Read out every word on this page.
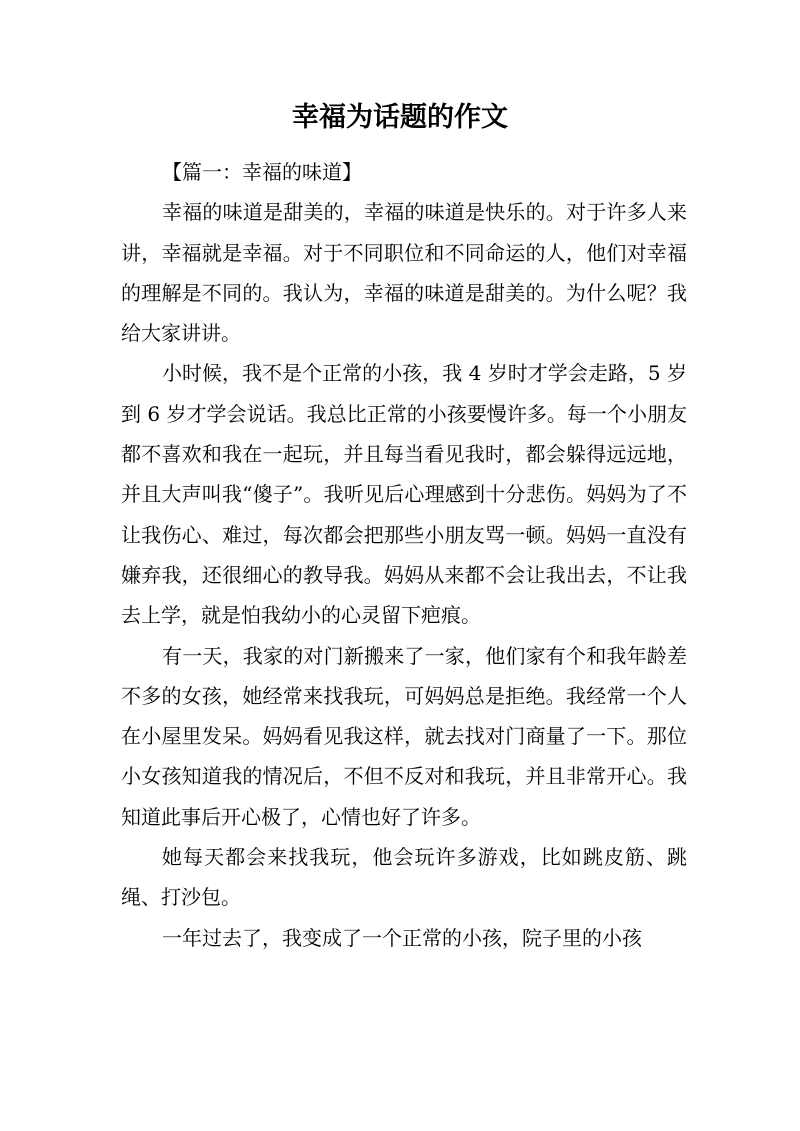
幸福为话题的作文

【篇一：幸福的味道】

幸福的味道是甜美的，幸福的味道是快乐的。对于许多人来讲，幸福就是幸福。对于不同职位和不同命运的人，他们对幸福的理解是不同的。我认为，幸福的味道是甜美的。为什么呢？我给大家讲讲。

小时候，我不是个正常的小孩，我 4 岁时才学会走路，5 岁到 6 岁才学会说话。我总比正常的小孩要慢许多。每一个小朋友都不喜欢和我在一起玩，并且每当看见我时，都会躲得远远地，并且大声叫我“傻子”。我听见后心理感到十分悲伤。妈妈为了不让我伤心、难过，每次都会把那些小朋友骂一顿。妈妈一直没有嫌弃我，还很细心的教导我。妈妈从来都不会让我出去，不让我去上学，就是怕我幼小的心灵留下疤痕。

有一天，我家的对门新搬来了一家，他们家有个和我年龄差不多的女孩，她经常来找我玩，可妈妈总是拒绝。我经常一个人在小屋里发呆。妈妈看见我这样，就去找对门商量了一下。那位小女孩知道我的情况后，不但不反对和我玩，并且非常开心。我知道此事后开心极了，心情也好了许多。

她每天都会来找我玩，他会玩许多游戏，比如跳皮筋、跳绳、打沙包。

一年过去了，我变成了一个正常的小孩，院子里的小孩
